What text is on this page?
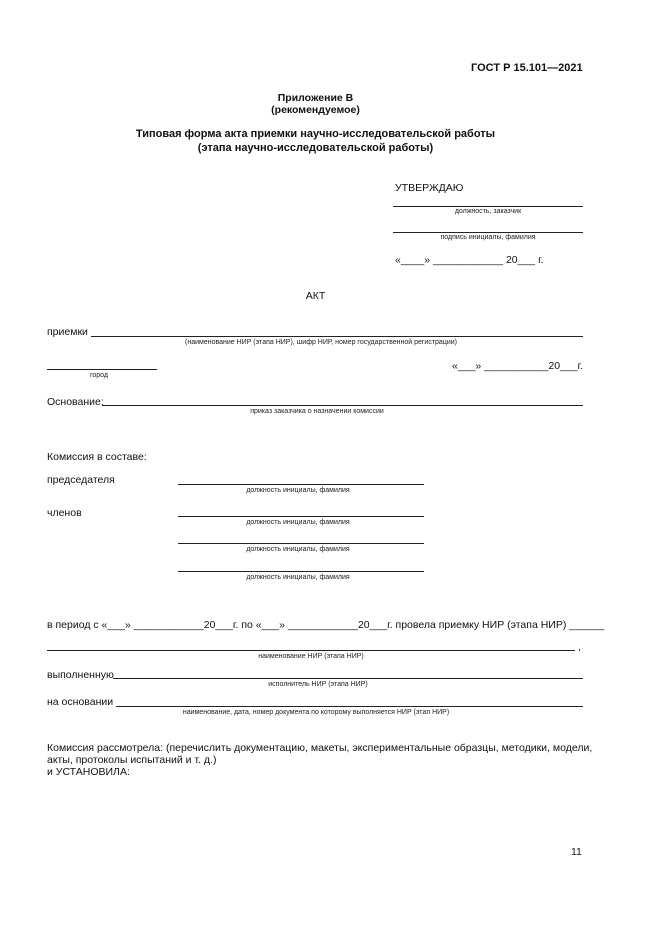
ГОСТ Р 15.101—2021
Приложение В
(рекомендуемое)
Типовая форма акта приемки научно-исследовательской работы
(этапа научно-исследовательской работы)
УТВЕРЖДАЮ
должность, заказчик
подпись инициалы, фамилия
«____» ____________ 20___ г.
АКТ
приемки
(наименование НИР (этапа НИР), шифр НИР, номер государственной регистрации)
город
«___» ___________20___г.
Основание:
приказ заказчика о назначении комиссии
Комиссия в составе:
председателя
должность инициалы, фамилия
членов
должность инициалы, фамилия
должность инициалы, фамилия
должность инициалы, фамилия
в период с «___» ____________20___г. по «___» ____________20___г. провела приемку НИР (этапа НИР) ______
,
наименование НИР (этапа НИР)
выполненную
исполнитель НИР (этапа НИР)
на основании
наименование, дата, номер документа по которому выполняется НИР (этап НИР)
Комиссия рассмотрела: (перечислить документацию, макеты, экспериментальные образцы, методики, модели,
акты, протоколы испытаний и т. д.)
и УСТАНОВИЛА:
11
